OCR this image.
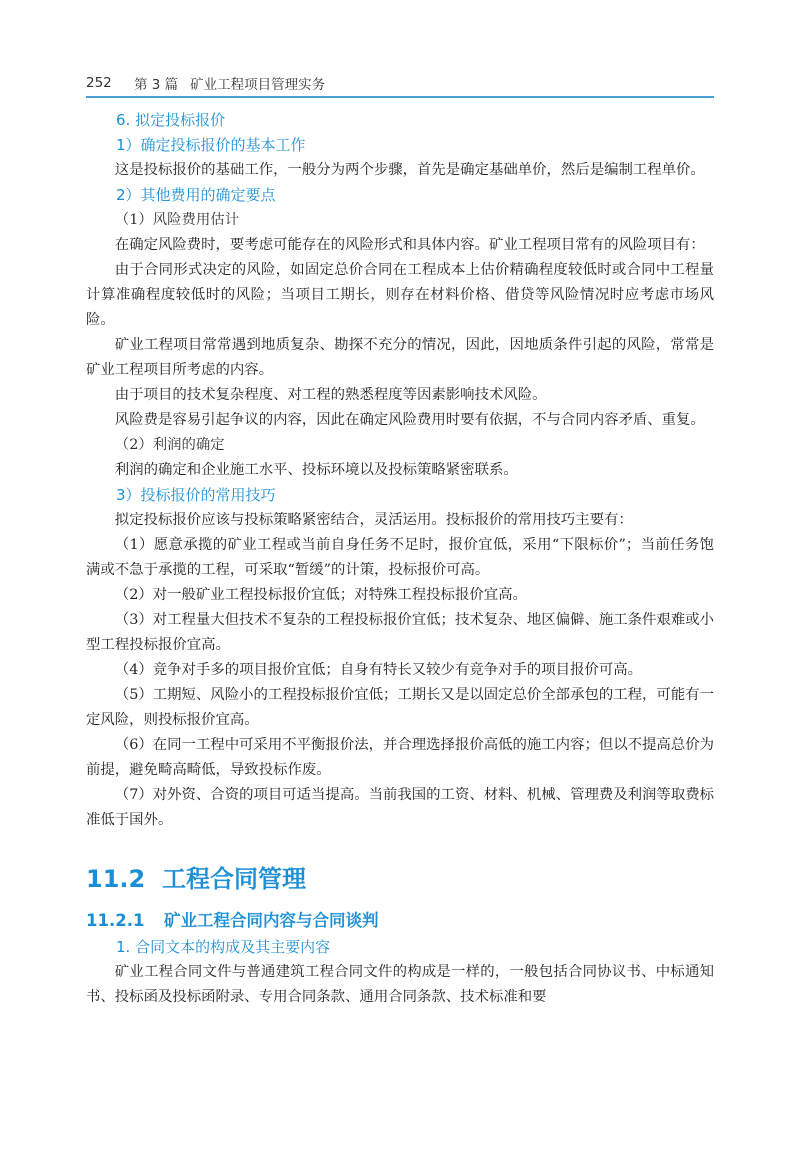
252	第 3 篇 矿业工程项目管理实务

6. 拟定投标报价

1）确定投标报价的基本工作

这是投标报价的基础工作，一般分为两个步骤，首先是确定基础单价，然后是编制工程单价。

2）其他费用的确定要点

（1）风险费用估计

在确定风险费时，要考虑可能存在的风险形式和具体内容。矿业工程项目常有的风险项目有：

由于合同形式决定的风险，如固定总价合同在工程成本上估价精确程度较低时或合同中工程量计算准确程度较低时的风险；当项目工期长，则存在材料价格、借贷等风险情况时应考虑市场风险。

矿业工程项目常常遇到地质复杂、勘探不充分的情况，因此，因地质条件引起的风险，常常是矿业工程项目所考虑的内容。

由于项目的技术复杂程度、对工程的熟悉程度等因素影响技术风险。

风险费是容易引起争议的内容，因此在确定风险费用时要有依据，不与合同内容矛盾、重复。

（2）利润的确定

利润的确定和企业施工水平、投标环境以及投标策略紧密联系。

3）投标报价的常用技巧

拟定投标报价应该与投标策略紧密结合，灵活运用。投标报价的常用技巧主要有：

（1）愿意承揽的矿业工程或当前自身任务不足时，报价宜低，采用“下限标价”；当前任务饱满或不急于承揽的工程，可采取“暂缓”的计策，投标报价可高。

（2）对一般矿业工程投标报价宜低；对特殊工程投标报价宜高。

（3）对工程量大但技术不复杂的工程投标报价宜低；技术复杂、地区偏僻、施工条件艰难或小型工程投标报价宜高。

（4）竞争对手多的项目报价宜低；自身有特长又较少有竞争对手的项目报价可高。

（5）工期短、风险小的工程投标报价宜低；工期长又是以固定总价全部承包的工程，可能有一定风险，则投标报价宜高。

（6）在同一工程中可采用不平衡报价法，并合理选择报价高低的施工内容；但以不提高总价为前提，避免畸高畸低，导致投标作废。

（7）对外资、合资的项目可适当提高。当前我国的工资、材料、机械、管理费及利润等取费标准低于国外。

11.2 工程合同管理
11.2.1 矿业工程合同内容与合同谈判

1. 合同文本的构成及其主要内容

矿业工程合同文件与普通建筑工程合同文件的构成是一样的，一般包括合同协议书、中标通知书、投标函及投标函附录、专用合同条款、通用合同条款、技术标准和要
